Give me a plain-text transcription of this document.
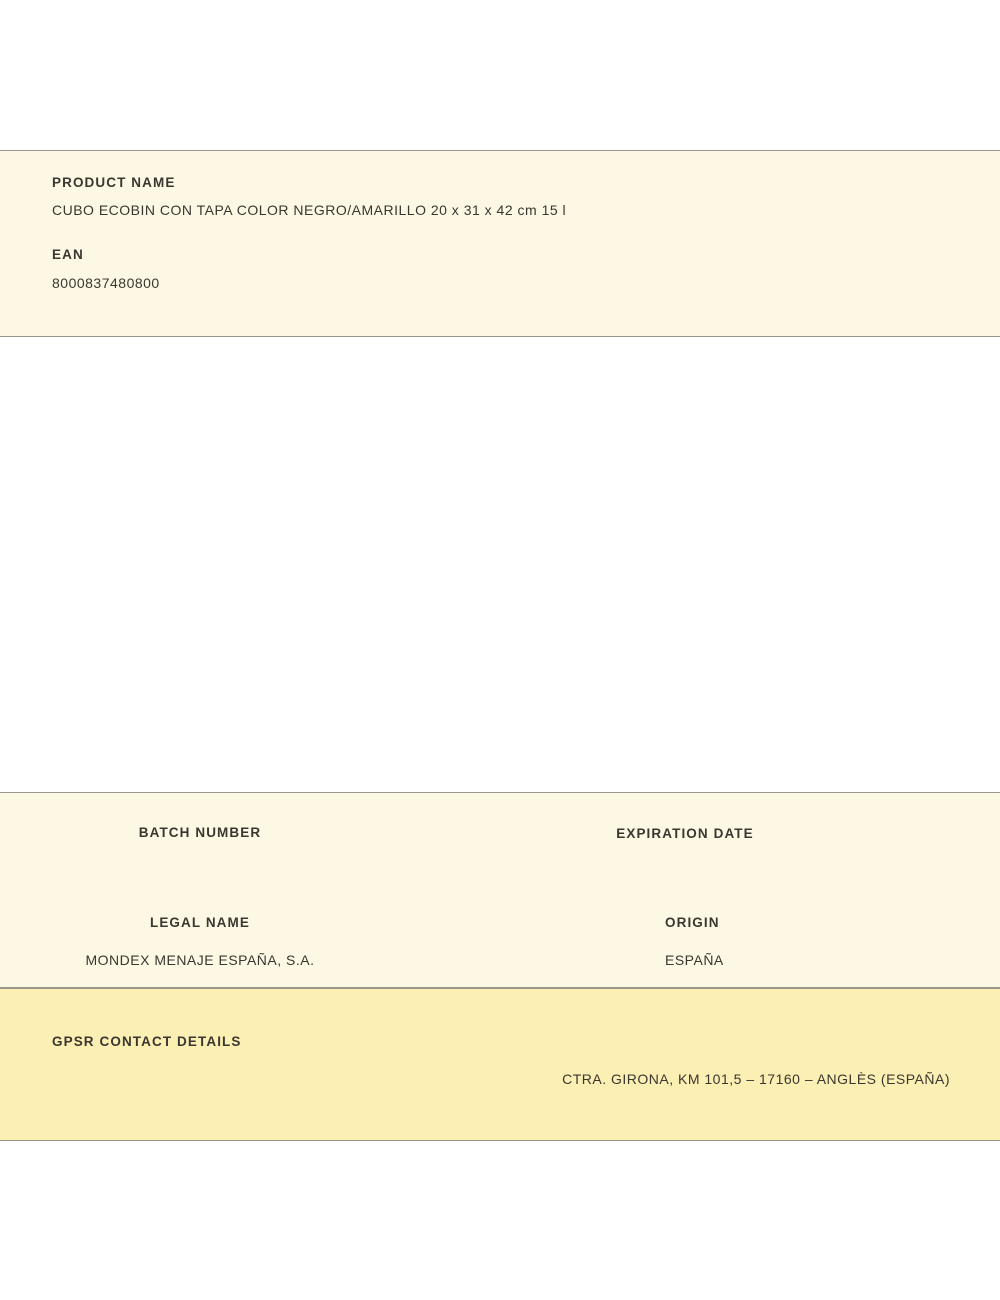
PRODUCT NAME

CUBO ECOBIN CON TAPA COLOR NEGRO/AMARILLO 20 x 31 x 42 cm 15 l

EAN

8000837480800

BATCH NUMBER	EXPIRATION DATE

LEGAL NAME

MONDEX MENAJE ESPAÑA, S.A.

ORIGIN

ESPAÑA

GPSR CONTACT DETAILS

CTRA. GIRONA, KM 101,5 – 17160 – ANGLÈS (ESPAÑA)
